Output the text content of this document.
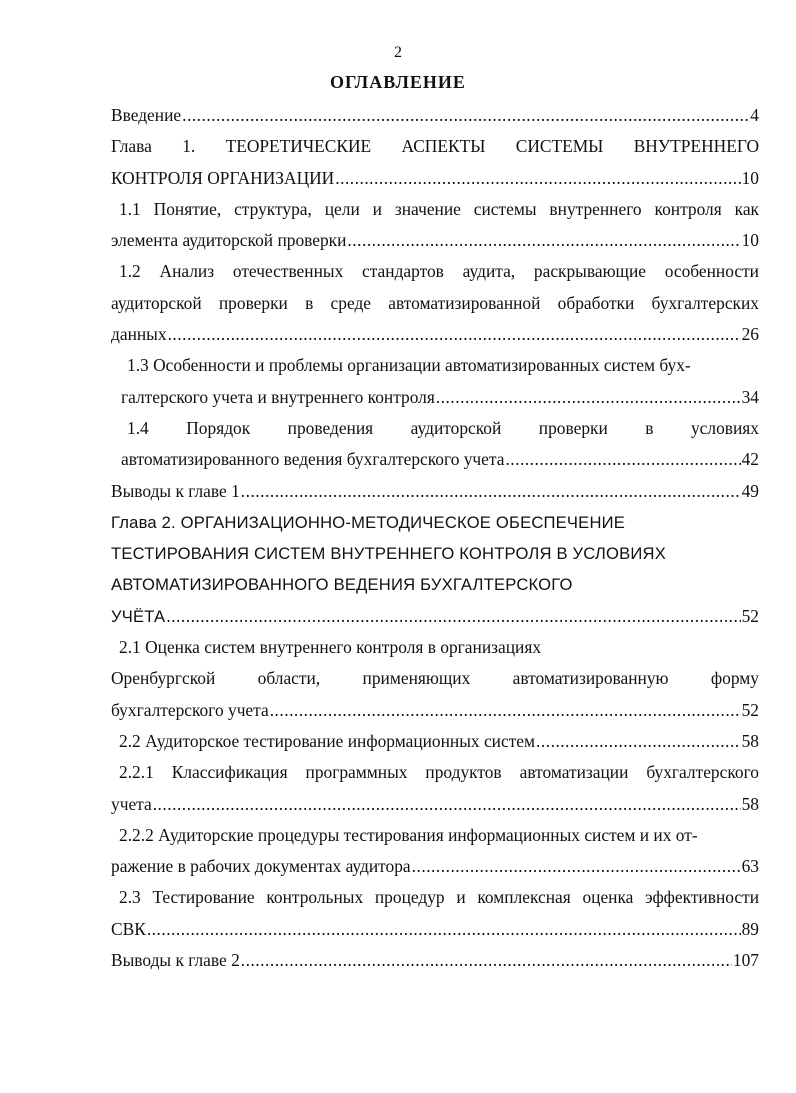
2
ОГЛАВЛЕНИЕ
Введение .....	4
Глава 1. ТЕОРЕТИЧЕСКИЕ АСПЕКТЫ СИСТЕМЫ ВНУТРЕННЕГО
КОНТРОЛЯ ОРГАНИЗАЦИИ .....	10
1.1 Понятие, структура, цели и значение системы внутреннего контроля как
элемента аудиторской проверки .....	10
1.2 Анализ отечественных стандартов аудита, раскрывающие особенности
аудиторской проверки в среде автоматизированной обработки бухгалтерских
данных .....	26
1.3 Особенности и проблемы организации автоматизированных систем бух-
галтерского учета и внутреннего контроля .....	34
1.4 Порядок проведения аудиторской проверки в условиях
автоматизированного ведения бухгалтерского учета .....	42
Выводы к главе 1 .....	49
Глава 2. ОРГАНИЗАЦИОННО-МЕТОДИЧЕСКОЕ ОБЕСПЕЧЕНИЕ
ТЕСТИРОВАНИЯ СИСТЕМ ВНУТРЕННЕГО КОНТРОЛЯ В УСЛОВИЯХ
АВТОМАТИЗИРОВАННОГО ВЕДЕНИЯ БУХГАЛТЕРСКОГО
УЧЁТА .....	52
2.1 Оценка систем внутреннего контроля в организациях
Оренбургской области, применяющих автоматизированную форму
бухгалтерского учета .....	52
2.2 Аудиторское тестирование информационных систем .....	58
2.2.1 Классификация программных продуктов автоматизации бухгалтерского
учета .....	58
2.2.2 Аудиторские процедуры тестирования информационных систем и их от-
ражение в рабочих документах аудитора .....	63
2.3 Тестирование контрольных процедур и комплексная оценка эффективности
СВК .....	89
Выводы к главе 2 .....	107
